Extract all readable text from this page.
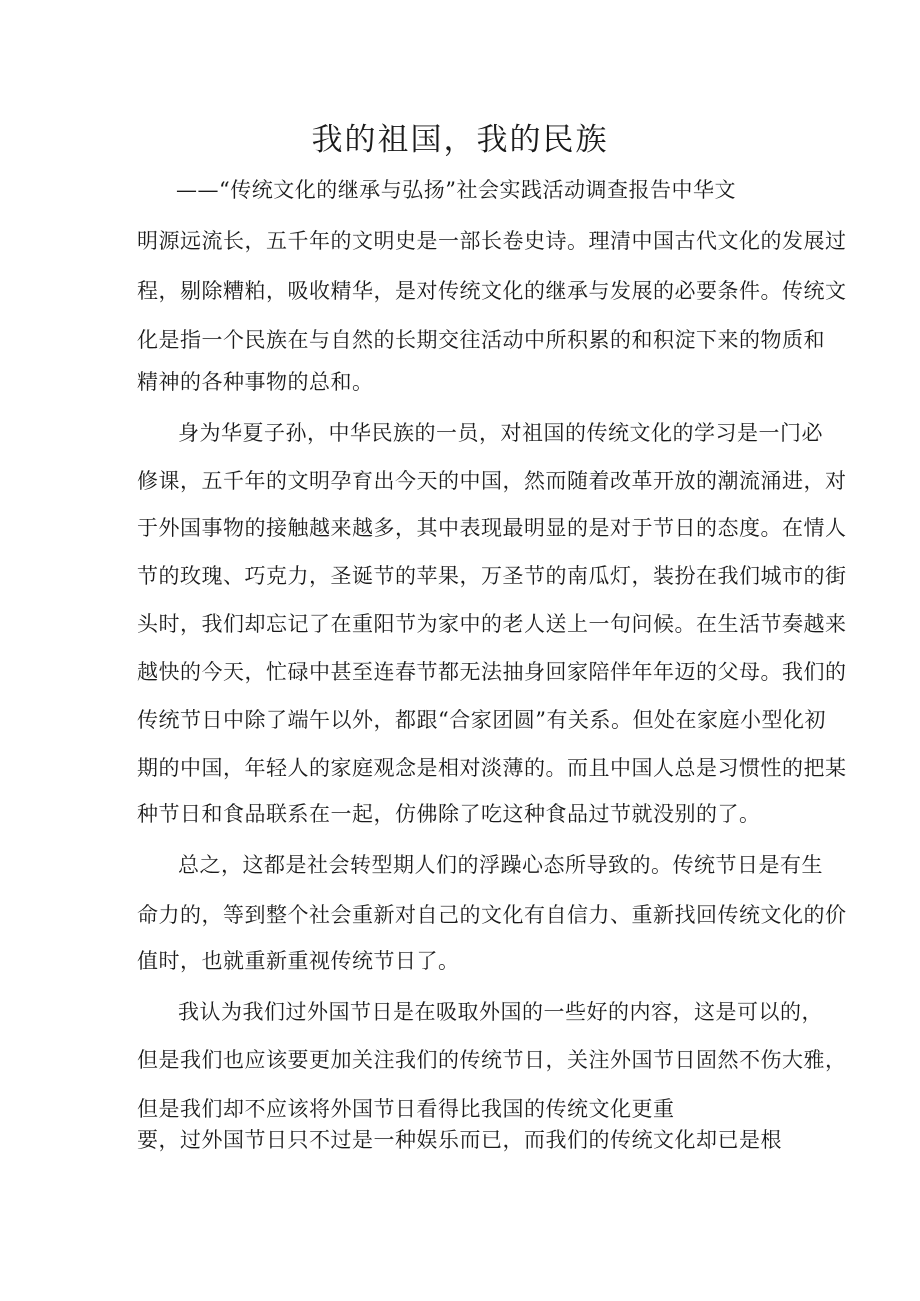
我的祖国，我的民族
——“传统文化的继承与弘扬”社会实践活动调查报告中华文
明源远流长，五千年的文明史是一部长卷史诗。理清中国古代文化的发展过
程，剔除糟粕，吸收精华，是对传统文化的继承与发展的必要条件。传统文
化是指一个民族在与自然的长期交往活动中所积累的和积淀下来的物质和
精神的各种事物的总和。
身为华夏子孙，中华民族的一员，对祖国的传统文化的学习是一门必
修课，五千年的文明孕育出今天的中国，然而随着改革开放的潮流涌进，对
于外国事物的接触越来越多，其中表现最明显的是对于节日的态度。在情人
节的玫瑰、巧克力，圣诞节的苹果，万圣节的南瓜灯，装扮在我们城市的街
头时，我们却忘记了在重阳节为家中的老人送上一句问候。在生活节奏越来
越快的今天，忙碌中甚至连春节都无法抽身回家陪伴年年迈的父母。我们的
传统节日中除了端午以外，都跟“合家团圆”有关系。但处在家庭小型化初
期的中国，年轻人的家庭观念是相对淡薄的。而且中国人总是习惯性的把某
种节日和食品联系在一起，仿佛除了吃这种食品过节就没别的了。
总之，这都是社会转型期人们的浮躁心态所导致的。传统节日是有生
命力的，等到整个社会重新对自己的文化有自信力、重新找回传统文化的价
值时，也就重新重视传统节日了。
我认为我们过外国节日是在吸取外国的一些好的内容，这是可以的，
但是我们也应该要更加关注我们的传统节日，关注外国节日固然不伤大雅，
但是我们却不应该将外国节日看得比我国的传统文化更重
要，过外国节日只不过是一种娱乐而已，而我们的传统文化却已是根
